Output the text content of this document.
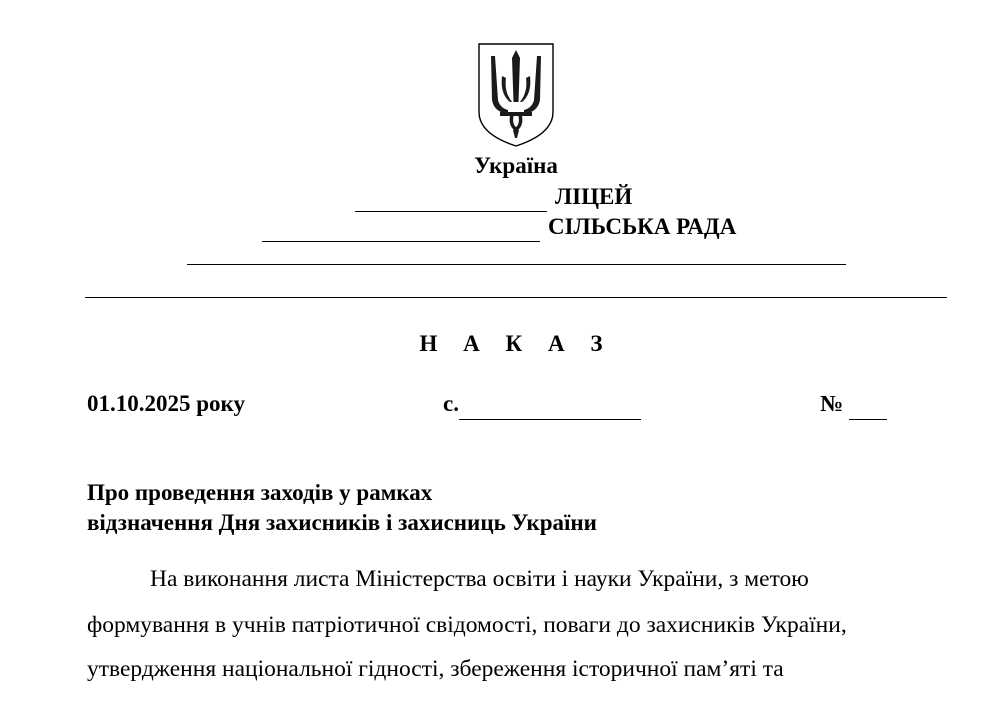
Україна
ЛІЦЕЙ
СІЛЬСЬКА РАДА
Н А К А З
01.10.2025 року	с.	№
Про проведення заходів у рамках
відзначення Дня захисників і захисниць України
На виконання листа Міністерства освіти і науки України, з метою
формування в учнів патріотичної свідомості, поваги до захисників України,
утвердження національної гідності, збереження історичної пам’яті та
